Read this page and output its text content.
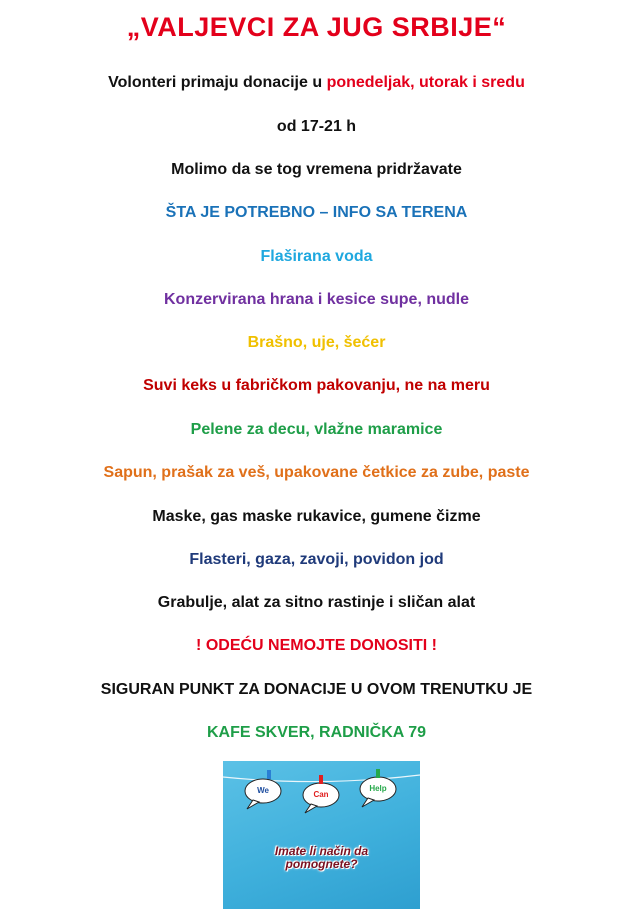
„VALJEVCI ZA JUG SRBIJE“
Volonteri primaju donacije u ponedeljak, utorak i sredu
od 17-21 h
Molimo da se tog vremena pridržavate
ŠTA JE POTREBNO – INFO SA TERENA
Flaširana voda
Konzervirana hrana i kesice supe, nudle
Brašno, uje, šećer
Suvi keks u fabričkom pakovanju, ne na meru
Pelene za decu, vlažne maramice
Sapun, prašak za veš, upakovane četkice za zube, paste
Maske, gas maske rukavice, gumene čizme
Flasteri, gaza, zavoji, povidon jod
Grabulje, alat za sitno rastinje i sličan alat
! ODEĆU NEMOJTE DONOSITI !
SIGURAN PUNKT ZA DONACIJE U OVOM TRENUTKU JE
KAFE SKVER, RADNIČKA 79
We	Can
Help
Imate li način da
pomognete?
